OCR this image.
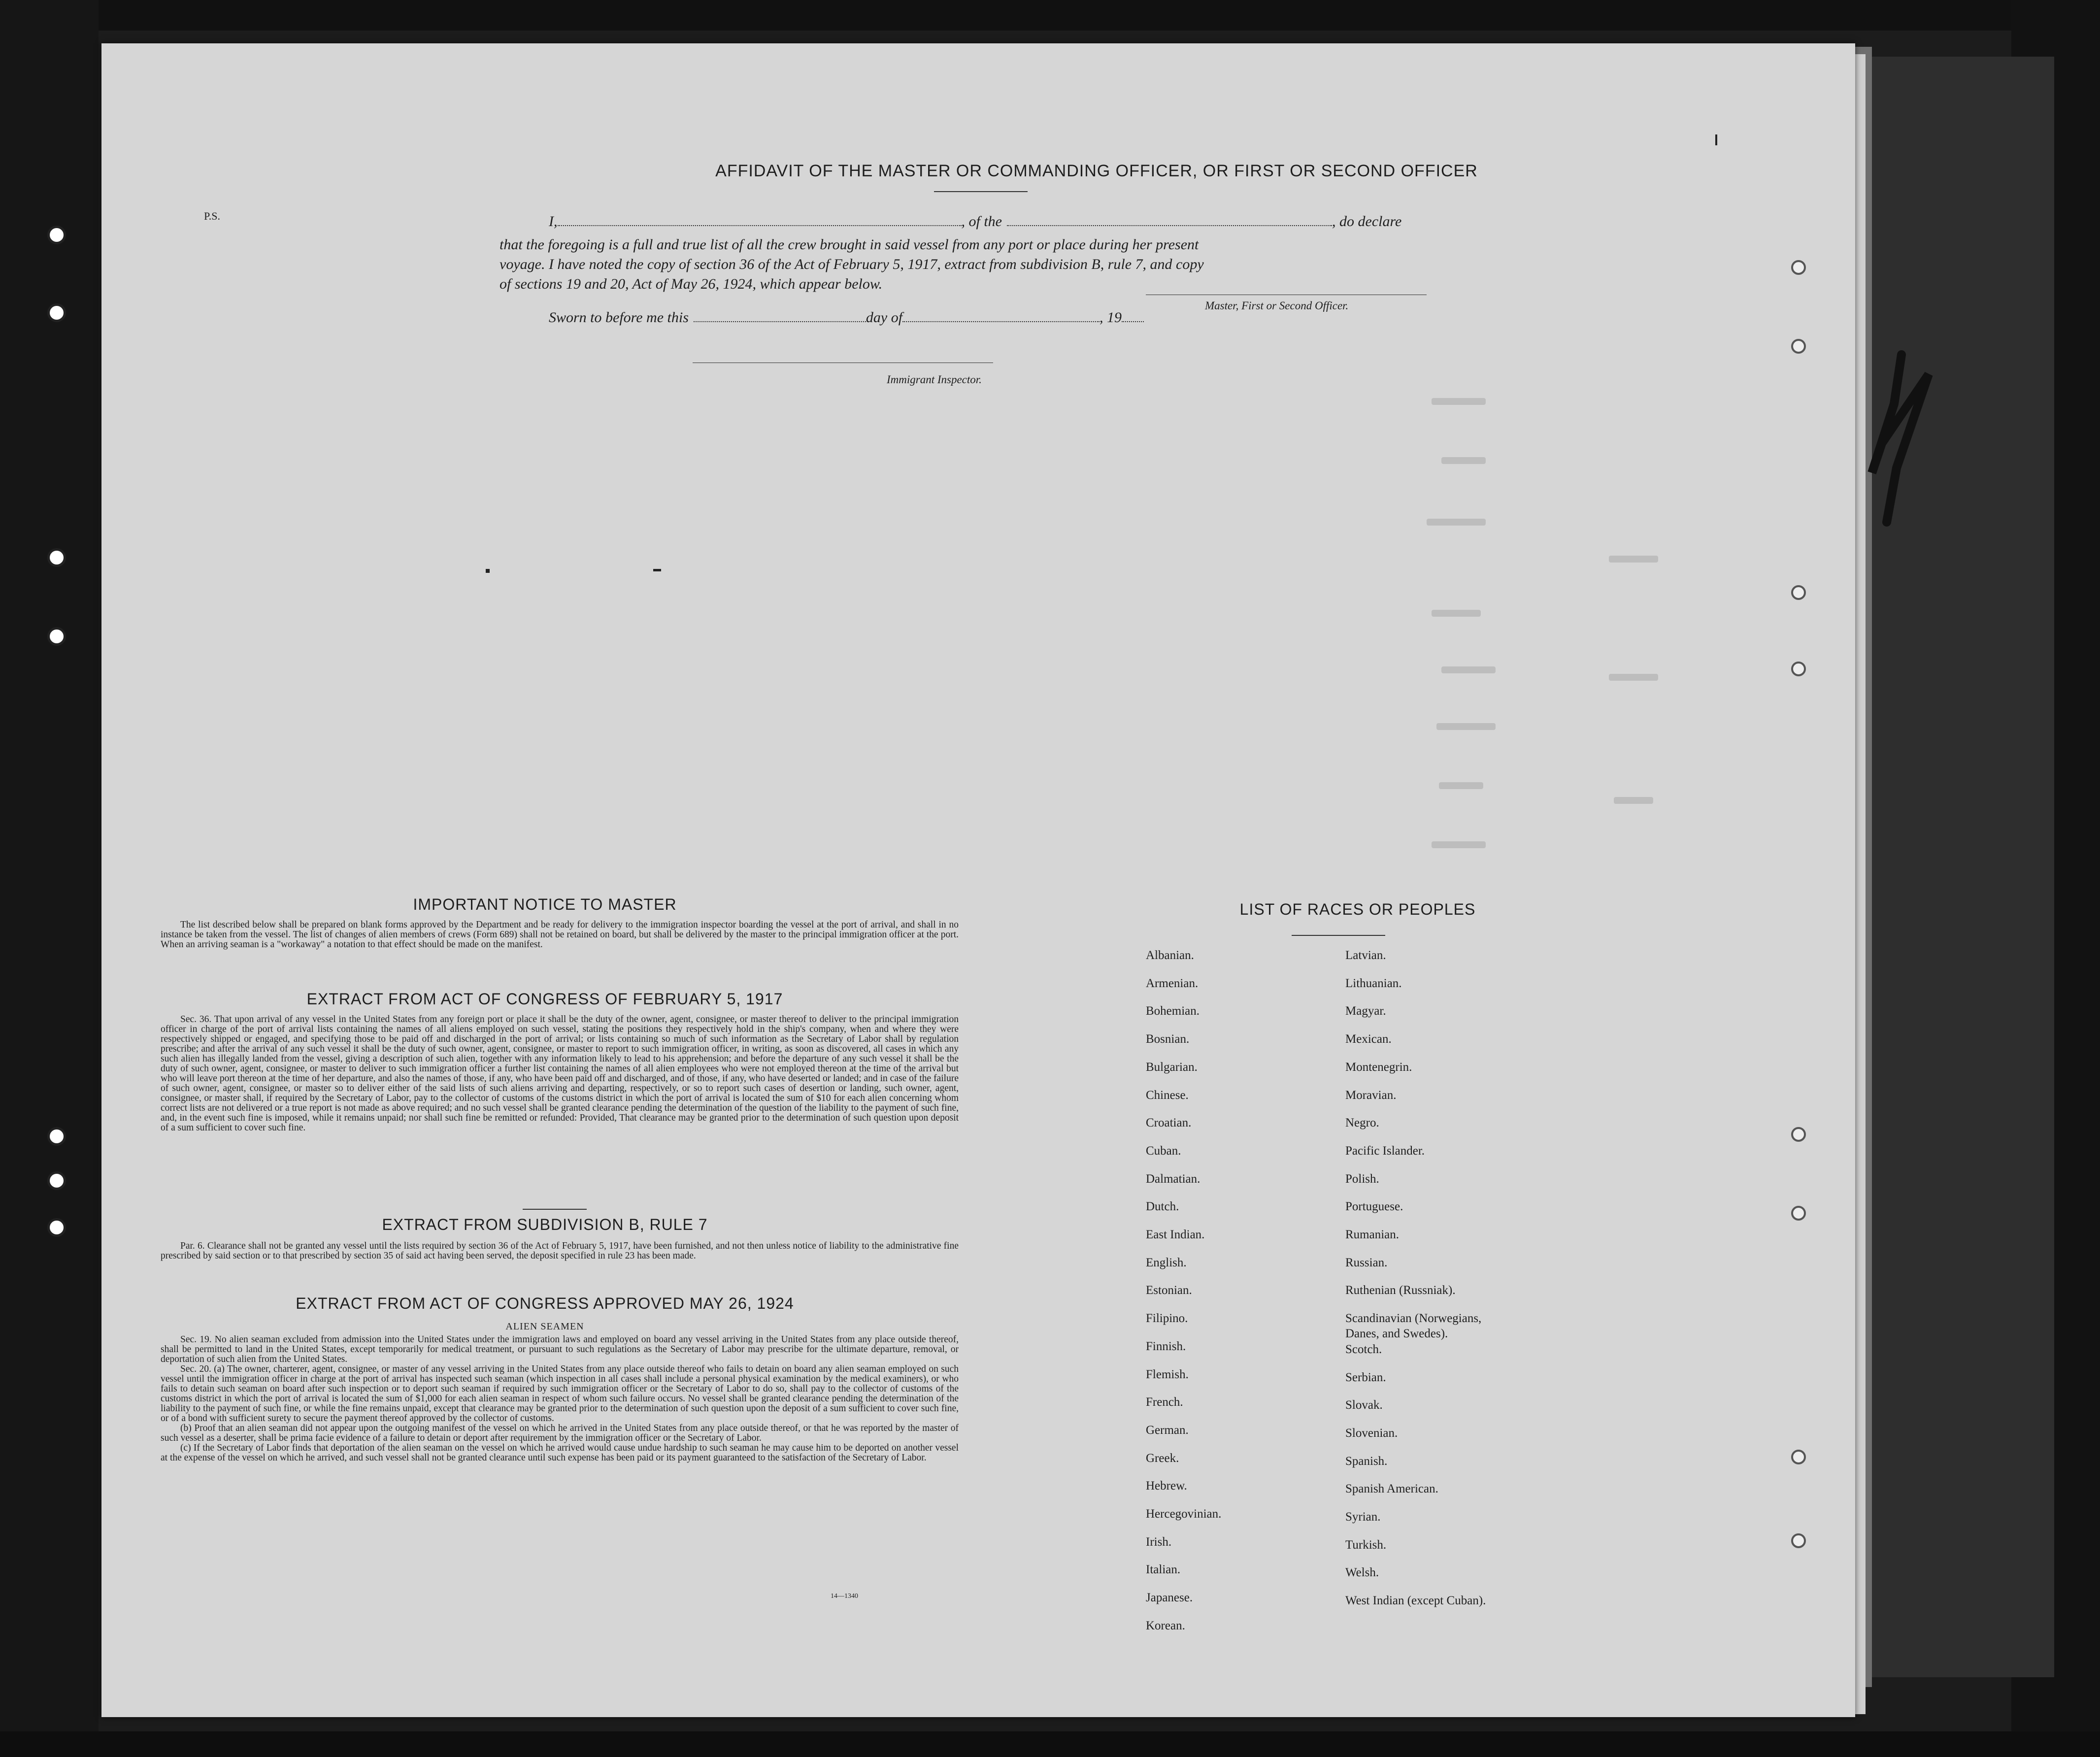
AFFIDAVIT OF THE MASTER OR COMMANDING OFFICER, OR FIRST OR SECOND OFFICER
I,	, of the	, do declare
that the foregoing is a full and true list of all the crew brought in said vessel from any port or place during her present
voyage. I have noted the copy of section 36 of the Act of February 5, 1917, extract from subdivision B, rule 7, and copy
of sections 19 and 20, Act of May 26, 1924, which appear below.
P.S.
Master, First or Second Officer.
Sworn to before me this	day of	, 19
Immigrant Inspector.
IMPORTANT NOTICE TO MASTER

The list described below shall be prepared on blank forms approved by the Department and be ready for delivery to the immigration inspector boarding the vessel at the port of arrival, and shall in no instance be taken from the vessel. The list of changes of alien members of crews (Form 689) shall not be retained on board, but shall be delivered by the master to the principal immigration officer at the port. When an arriving seaman is a "workaway" a notation to that effect should be made on the manifest.

EXTRACT FROM ACT OF CONGRESS OF FEBRUARY 5, 1917

Sec. 36. That upon arrival of any vessel in the United States from any foreign port or place it shall be the duty of the owner, agent, consignee, or master thereof to deliver to the principal immigration officer in charge of the port of arrival lists containing the names of all aliens employed on such vessel, stating the positions they respectively hold in the ship's company, when and where they were respectively shipped or engaged, and specifying those to be paid off and discharged in the port of arrival; or lists containing so much of such information as the Secretary of Labor shall by regulation prescribe; and after the arrival of any such vessel it shall be the duty of such owner, agent, consignee, or master to report to such immigration officer, in writing, as soon as discovered, all cases in which any such alien has illegally landed from the vessel, giving a description of such alien, together with any information likely to lead to his apprehension; and before the departure of any such vessel it shall be the duty of such owner, agent, consignee, or master to deliver to such immigration officer a further list containing the names of all alien employees who were not employed thereon at the time of the arrival but who will leave port thereon at the time of her departure, and also the names of those, if any, who have been paid off and discharged, and of those, if any, who have deserted or landed; and in case of the failure of such owner, agent, consignee, or master so to deliver either of the said lists of such aliens arriving and departing, respectively, or so to report such cases of desertion or landing, such owner, agent, consignee, or master shall, if required by the Secretary of Labor, pay to the collector of customs of the customs district in which the port of arrival is located the sum of $10 for each alien concerning whom correct lists are not delivered or a true report is not made as above required; and no such vessel shall be granted clearance pending the determination of the question of the liability to the payment of such fine, and, in the event such fine is imposed, while it remains unpaid; nor shall such fine be remitted or refunded: Provided, That clearance may be granted prior to the determination of such question upon deposit of a sum sufficient to cover such fine.

EXTRACT FROM SUBDIVISION B, RULE 7

Par. 6. Clearance shall not be granted any vessel until the lists required by section 36 of the Act of February 5, 1917, have been furnished, and not then unless notice of liability to the administrative fine prescribed by said section or to that prescribed by section 35 of said act having been served, the deposit specified in rule 23 has been made.

EXTRACT FROM ACT OF CONGRESS APPROVED MAY 26, 1924
ALIEN SEAMEN

Sec. 19. No alien seaman excluded from admission into the United States under the immigration laws and employed on board any vessel arriving in the United States from any place outside thereof, shall be permitted to land in the United States, except temporarily for medical treatment, or pursuant to such regulations as the Secretary of Labor may prescribe for the ultimate departure, removal, or deportation of such alien from the United States.

Sec. 20. (a) The owner, charterer, agent, consignee, or master of any vessel arriving in the United States from any place outside thereof who fails to detain on board any alien seaman employed on such vessel until the immigration officer in charge at the port of arrival has inspected such seaman (which inspection in all cases shall include a personal physical examination by the medical examiners), or who fails to detain such seaman on board after such inspection or to deport such seaman if required by such immigration officer or the Secretary of Labor to do so, shall pay to the collector of customs of the customs district in which the port of arrival is located the sum of $1,000 for each alien seaman in respect of whom such failure occurs. No vessel shall be granted clearance pending the determination of the liability to the payment of such fine, or while the fine remains unpaid, except that clearance may be granted prior to the determination of such question upon the deposit of a sum sufficient to cover such fine, or of a bond with sufficient surety to secure the payment thereof approved by the collector of customs.

(b) Proof that an alien seaman did not appear upon the outgoing manifest of the vessel on which he arrived in the United States from any place outside thereof, or that he was reported by the master of such vessel as a deserter, shall be prima facie evidence of a failure to detain or deport after requirement by the immigration officer or the Secretary of Labor.

(c) If the Secretary of Labor finds that deportation of the alien seaman on the vessel on which he arrived would cause undue hardship to such seaman he may cause him to be deported on another vessel at the expense of the vessel on which he arrived, and such vessel shall not be granted clearance until such expense has been paid or its payment guaranteed to the satisfaction of the Secretary of Labor.

14—1340
LIST OF RACES OR PEOPLES
Albanian.
Armenian.
Bohemian.
Bosnian.
Bulgarian.
Chinese.
Croatian.
Cuban.
Dalmatian.
Dutch.
East Indian.
English.
Estonian.
Filipino.
Finnish.
Flemish.
French.
German.
Greek.
Hebrew.
Hercegovinian.
Irish.
Italian.
Japanese.
Korean.
Latvian.
Lithuanian.
Magyar.
Mexican.
Montenegrin.
Moravian.
Negro.
Pacific Islander.
Polish.
Portuguese.
Rumanian.
Russian.
Ruthenian (Russniak).
Scandinavian (Norwegians,
Danes, and Swedes).
Scotch.
Serbian.
Slovak.
Slovenian.
Spanish.
Spanish American.
Syrian.
Turkish.
Welsh.
West Indian (except Cuban).
